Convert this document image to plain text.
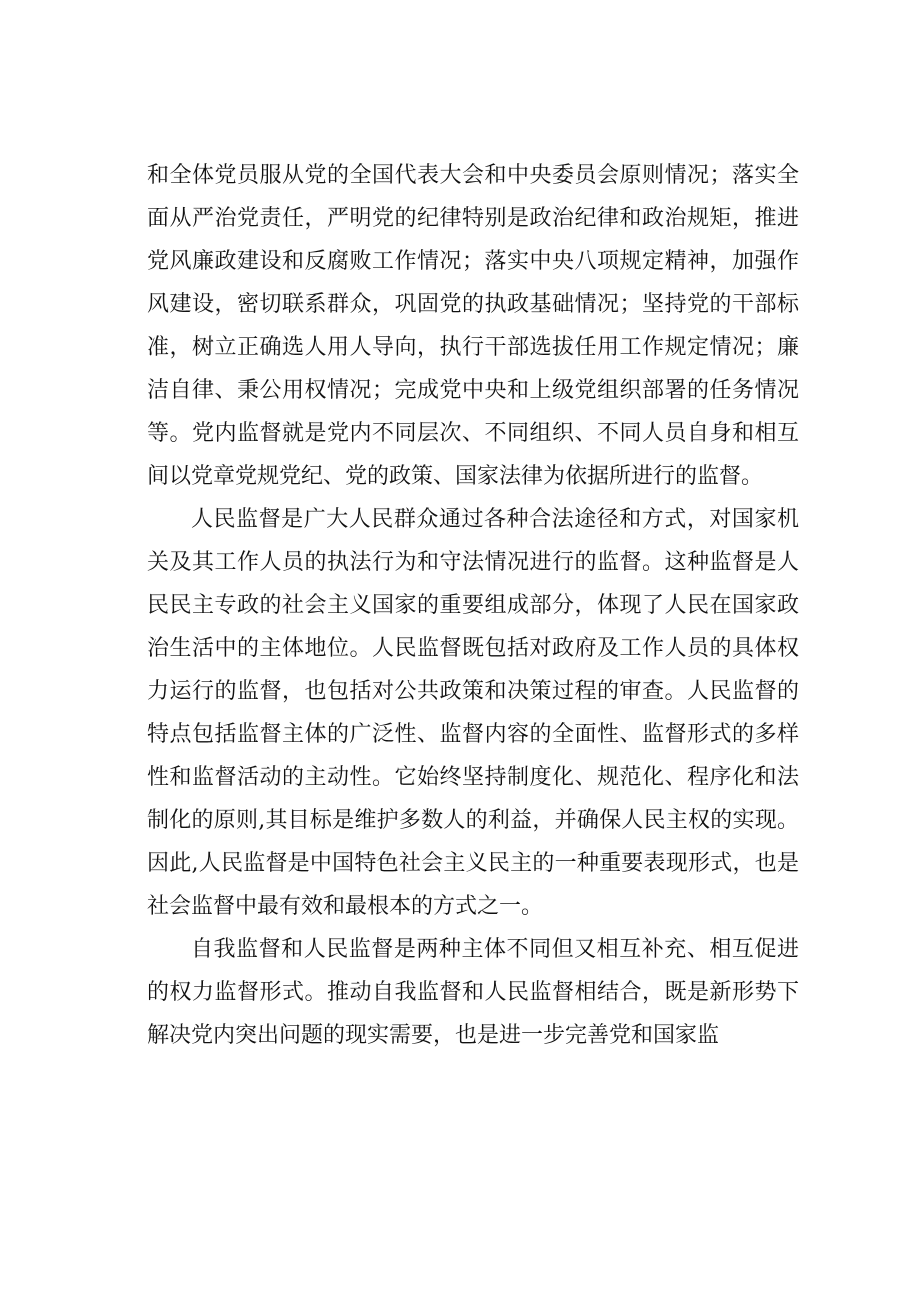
和全体党员服从党的全国代表大会和中央委员会原则情况；落实全面从严治党责任，严明党的纪律特别是政治纪律和政治规矩，推进党风廉政建设和反腐败工作情况；落实中央八项规定精神，加强作风建设，密切联系群众，巩固党的执政基础情况；坚持党的干部标准，树立正确选人用人导向，执行干部选拔任用工作规定情况；廉洁自律、秉公用权情况；完成党中央和上级党组织部署的任务情况等。党内监督就是党内不同层次、不同组织、不同人员自身和相互间以党章党规党纪、党的政策、国家法律为依据所进行的监督。

人民监督是广大人民群众通过各种合法途径和方式，对国家机关及其工作人员的执法行为和守法情况进行的监督。这种监督是人民民主专政的社会主义国家的重要组成部分，体现了人民在国家政治生活中的主体地位。人民监督既包括对政府及工作人员的具体权力运行的监督，也包括对公共政策和决策过程的审查。人民监督的特点包括监督主体的广泛性、监督内容的全面性、监督形式的多样性和监督活动的主动性。它始终坚持制度化、规范化、程序化和法制化的原则,其目标是维护多数人的利益，并确保人民主权的实现。因此,人民监督是中国特色社会主义民主的一种重要表现形式，也是社会监督中最有效和最根本的方式之一。

自我监督和人民监督是两种主体不同但又相互补充、相互促进的权力监督形式。推动自我监督和人民监督相结合，既是新形势下解决党内突出问题的现实需要，也是进一步完善党和国家监
